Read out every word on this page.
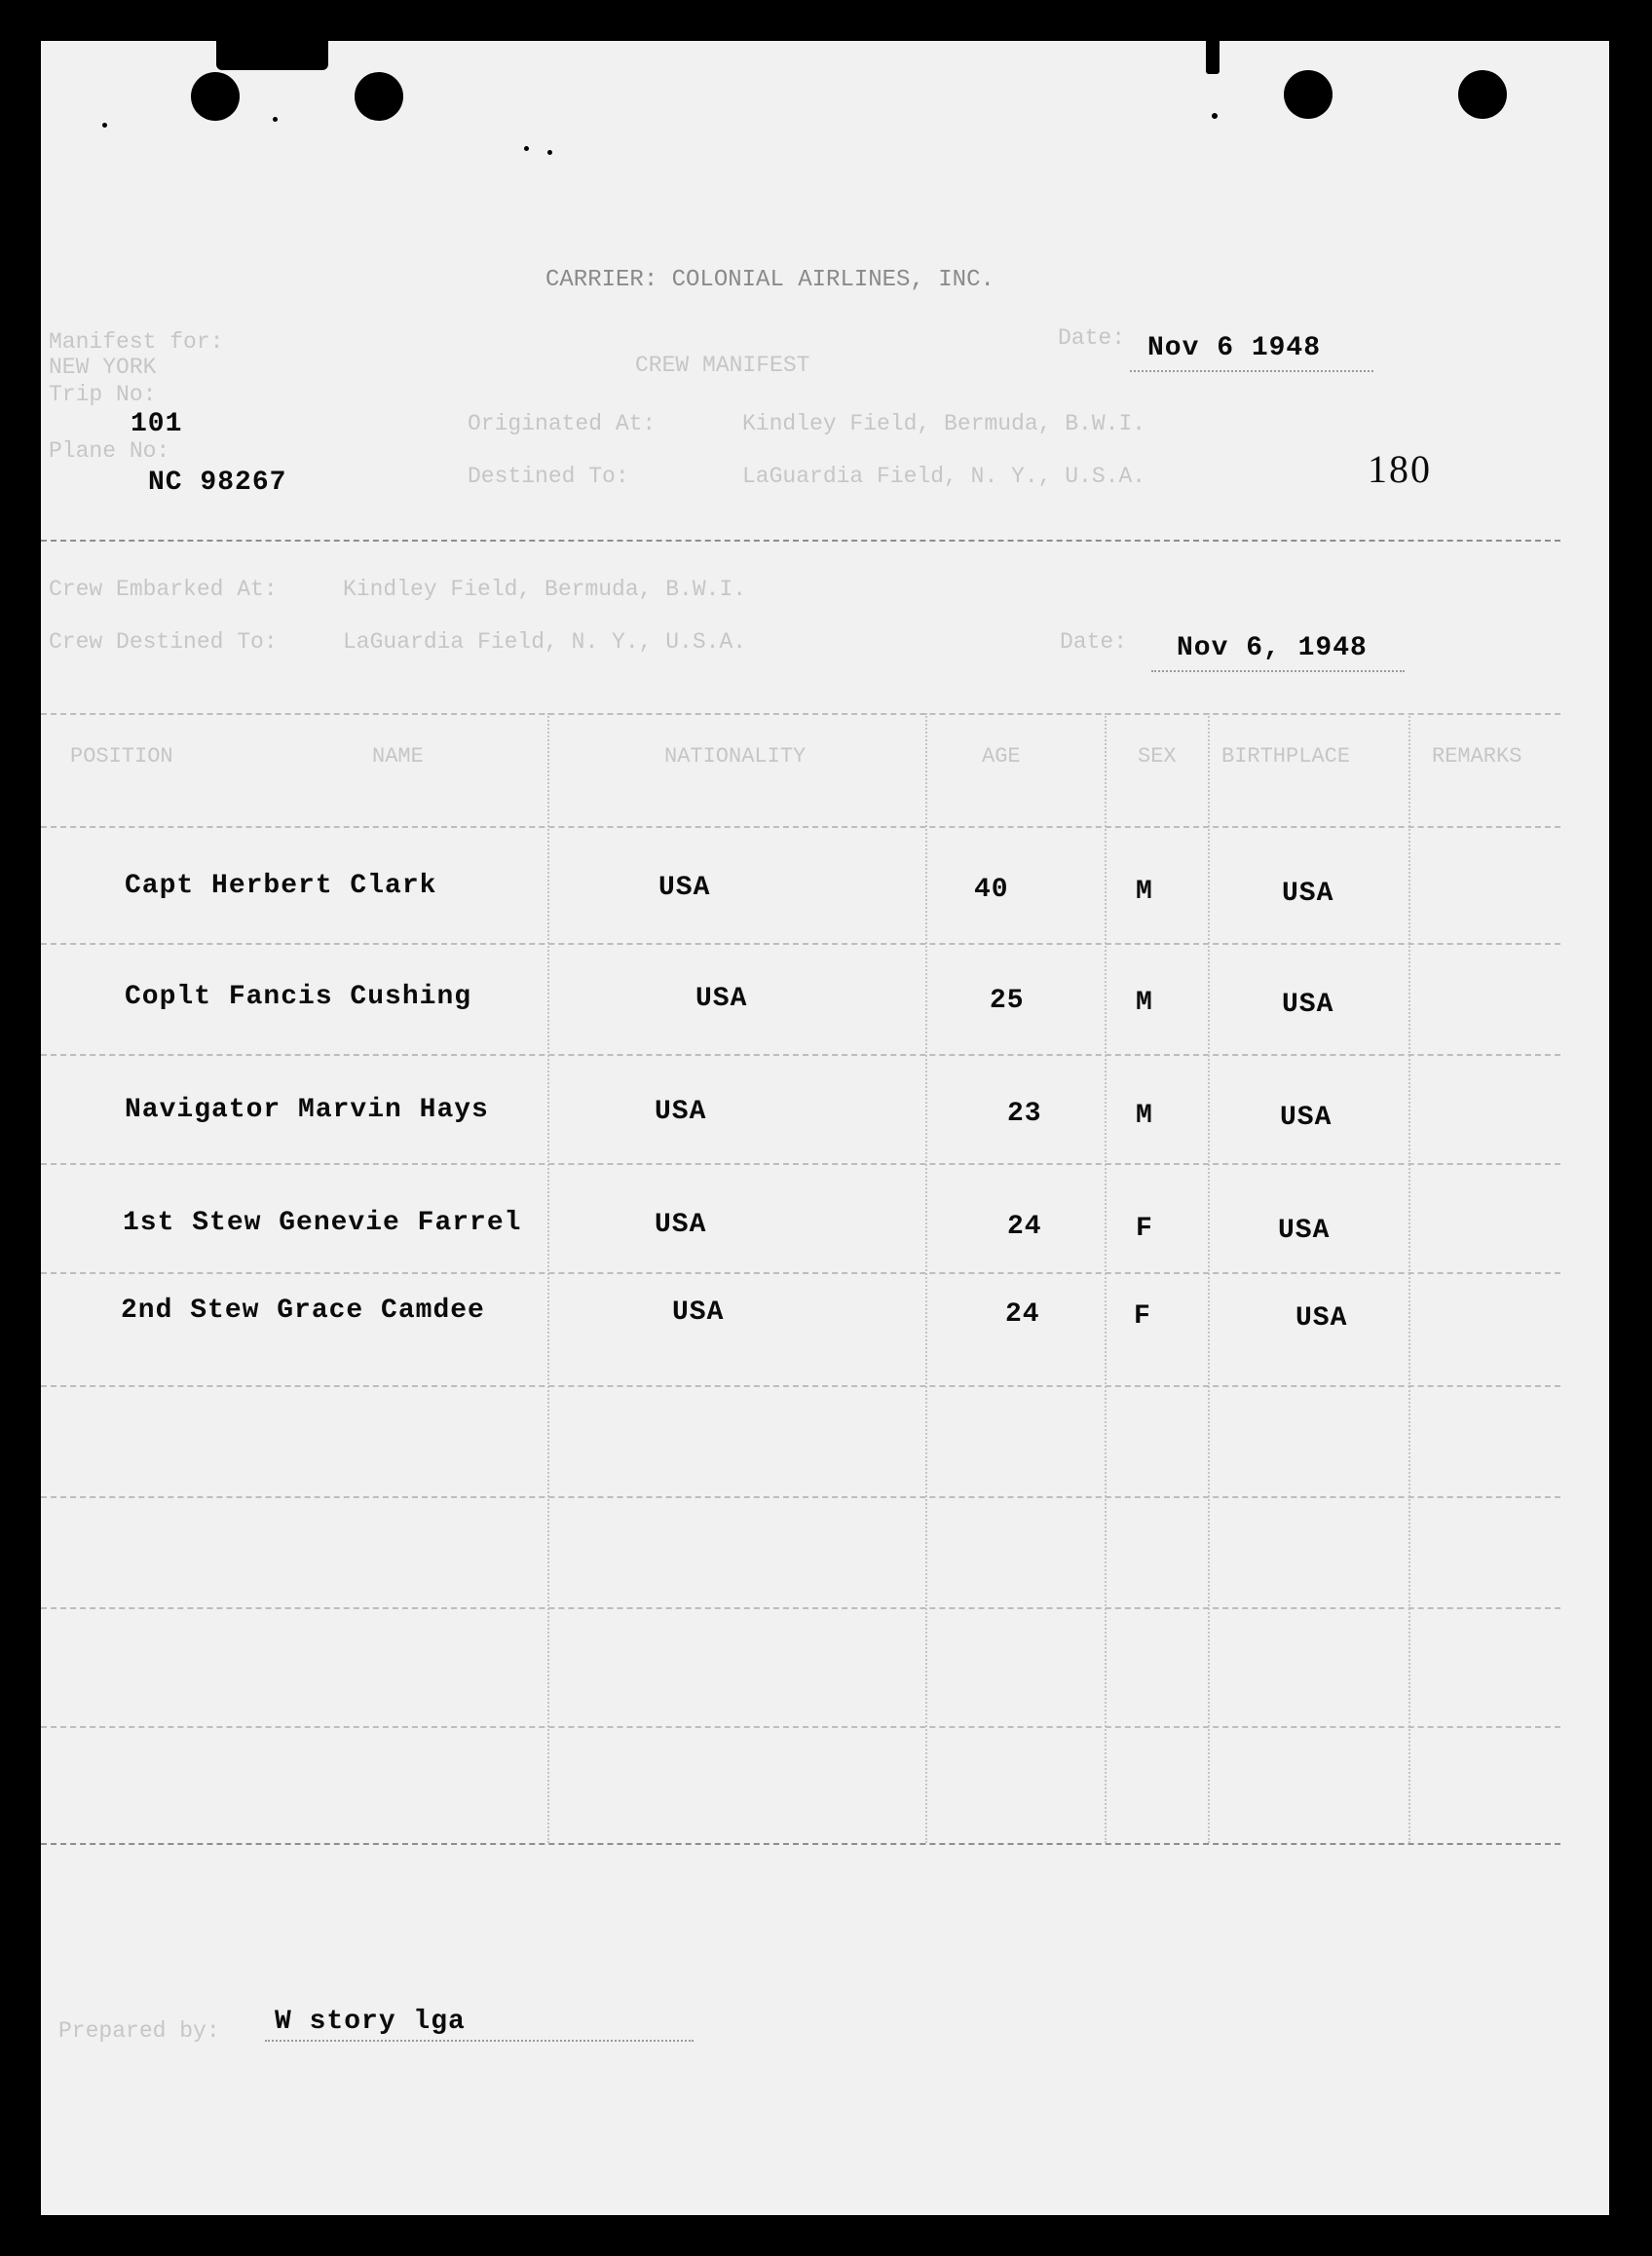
CARRIER: COLONIAL AIRLINES, INC.
Manifest for:
NEW YORK
Trip No:
101
Plane No:
NC 98267
CREW MANIFEST
Date: Nov 6 1948
Originated At:	Kindley Field, Bermuda, B.W.I.
Destined To:	LaGuardia Field, N. Y., U.S.A.	180
Crew Embarked At:	Kindley Field, Bermuda, B.W.I.
Crew Destined To:	LaGuardia Field, N. Y., U.S.A.	Date: Nov 6, 1948
POSITION	NAME	NATIONALITY	AGE	SEX BIRTHPLACE	REMARKS
Capt Herbert Clark	USA	40	M	USA
Coplt Fancis Cushing	USA	25	M	USA
Navigator Marvin Hays	USA	23	M	USA
1st Stew Genevie Farrel	USA	24	F	USA
2nd Stew Grace Camdee	USA	24	F	USA
Prepared by: W story lga
